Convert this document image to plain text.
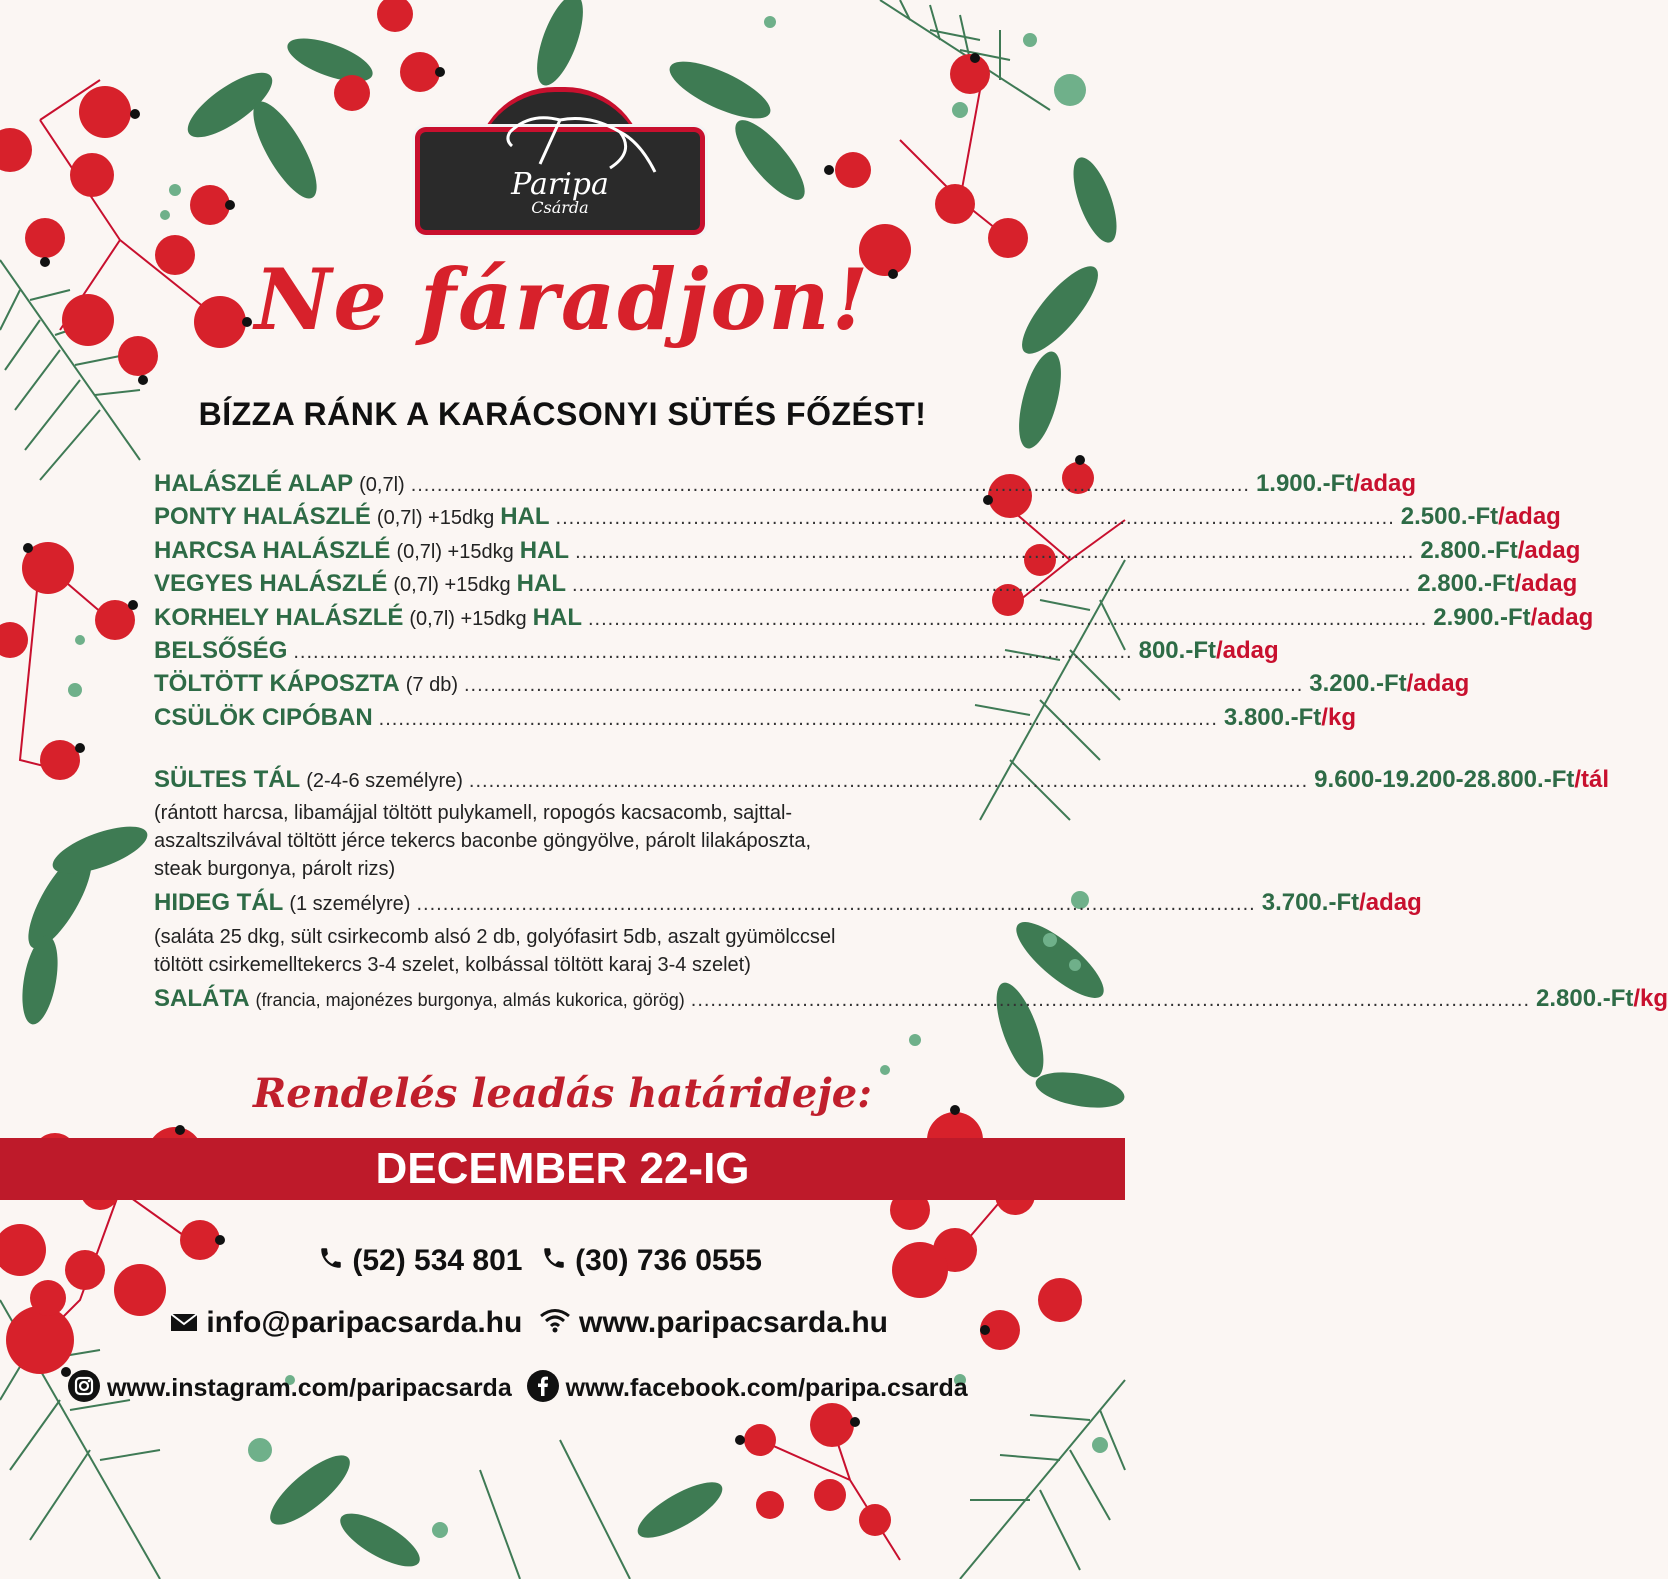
Paripa
Csárda
Ne fáradjon!
BÍZZA RÁNK A KARÁCSONYI SÜTÉS FŐZÉST!
HALÁSZLÉ ALAP (0,7l) ................................................................................................................................ 1.900.-Ft /adag
PONTY HALÁSZLÉ (0,7l) +15dkg HAL ................................................................................................................................ 2.500.-Ft /adag
HARCSA HALÁSZLÉ (0,7l) +15dkg HAL ................................................................................................................................ 2.800.-Ft /adag
VEGYES HALÁSZLÉ (0,7l) +15dkg HAL ................................................................................................................................ 2.800.-Ft /adag
KORHELY HALÁSZLÉ (0,7l) +15dkg HAL ................................................................................................................................ 2.900.-Ft /adag
BELSŐSÉG ................................................................................................................................ 800.-Ft /adag
TÖLTÖTT KÁPOSZTA (7 db) ................................................................................................................................ 3.200.-Ft /adag
CSÜLÖK CIPÓBAN ................................................................................................................................ 3.800.-Ft /kg
SÜLTES TÁL (2-4-6 személyre) ................................................................................................................................ 9.600-19.200-28.800.-Ft /tál
(rántott harcsa, libamájjal töltött pulykamell, ropogós kacsacomb, sajttal-
aszaltszilvával töltött jérce tekercs baconbe göngyölve, párolt lilakáposzta,
steak burgonya, párolt rizs)
HIDEG TÁL (1 személyre) ................................................................................................................................ 3.700.-Ft /adag
(saláta 25 dkg, sült csirkecomb alsó 2 db, golyófasirt 5db, aszalt gyümölccsel
töltött csirkemelltekercs 3-4 szelet, kolbással töltött karaj 3-4 szelet)
SALÁTA (francia, majonézes burgonya, almás kukorica, görög) ................................................................................................................................ 2.800.-Ft /kg
Rendelés leadás határideje:
DECEMBER 22-IG
(52) 534 801 (30) 736 0555
info@paripacsarda.hu www.paripacsarda.hu
www.instagram.com/paripacsarda www.facebook.com/paripa.csarda
